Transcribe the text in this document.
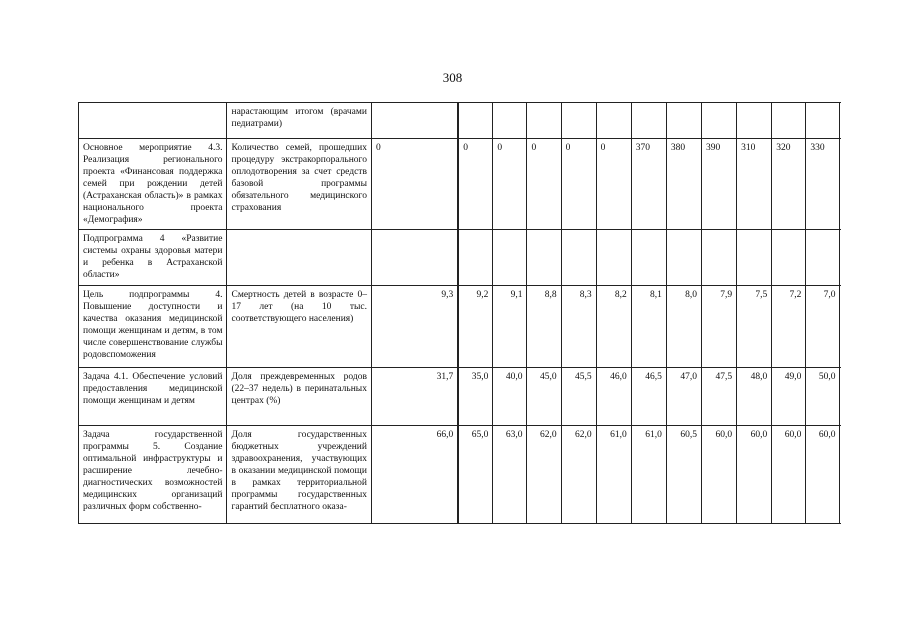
308
	нарастающим итогом (врачами педиатрами)														
Основное мероприятие 4.3. Реализация регионального проекта «Финансовая поддержка семей при рождении детей (Астраханская область)» в рамках национального проекта «Демография»	Количество семей, прошедших процедуру экстракорпорального оплодотворения за счет средств базовой программы обязательного медицинского страхования	0		0	0	0	0	0	370	380	390	310	320	330	
Подпрограмма 4 «Развитие системы охраны здоровья матери и ребенка в Астраханской области»															
Цель подпрограммы 4. Повышение доступности и качества оказания медицинской помощи женщинам и детям, в том числе совершенствование службы родовспоможения	Смертность детей в возрасте 0–17 лет (на 10 тыс. соответствующего населения)	9,3		9,2	9,1	8,8	8,3	8,2	8,1	8,0	7,9	7,5	7,2	7,0	
Задача 4.1. Обеспечение условий предоставления медицинской помощи женщинам и детям	Доля преждевременных родов (22–37 недель) в перинатальных центрах (%)	31,7		35,0	40,0	45,0	45,5	46,0	46,5	47,0	47,5	48,0	49,0	50,0	
Задача государственной программы 5. Создание оптимальной инфраструктуры и расширение лечебно-диагностических возможностей медицинских организаций различных форм собственно-	Доля государственных бюджетных учреждений здравоохранения, участвующих в оказании медицинской помощи в рамках территориальной программы государственных гарантий бесплатного оказа-	66,0		65,0	63,0	62,0	62,0	61,0	61,0	60,5	60,0	60,0	60,0	60,0	
